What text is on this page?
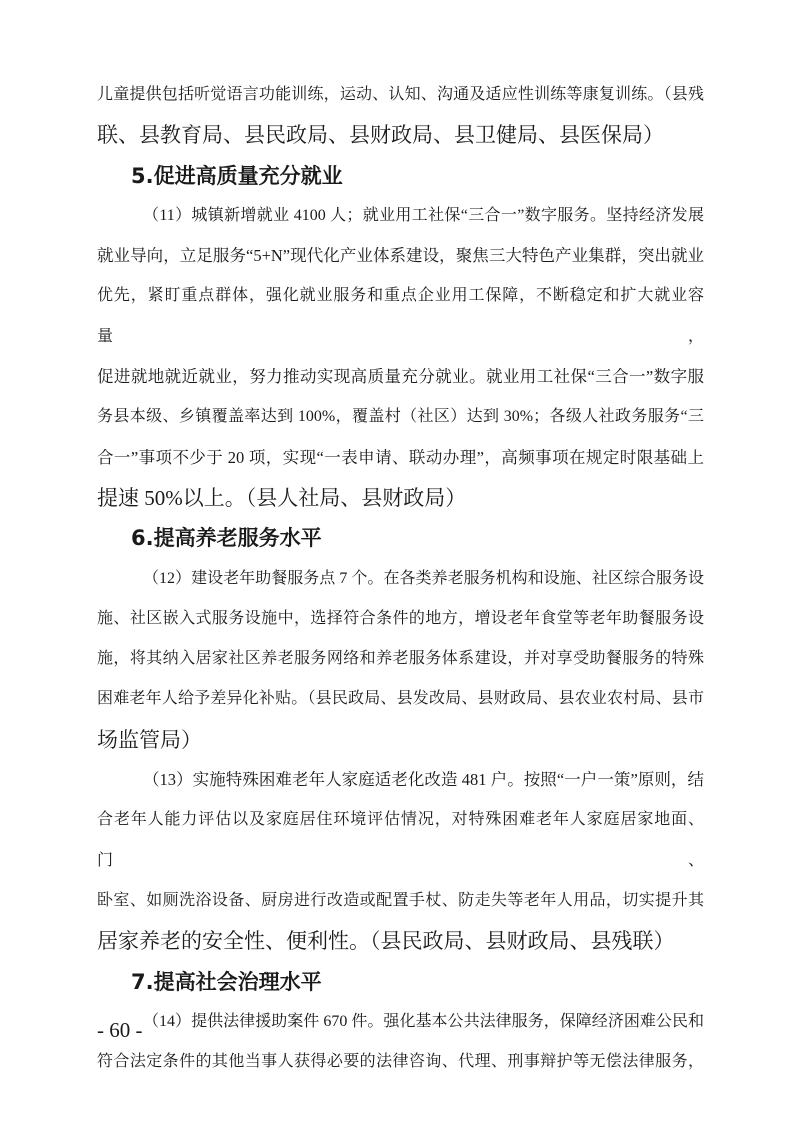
儿童提供包括听觉语言功能训练，运动、认知、沟通及适应性训练等康复训练。（县残
联、县教育局、县民政局、县财政局、县卫健局、县医保局）
5.促进高质量充分就业
（11）城镇新增就业 4100 人；就业用工社保“三合一”数字服务。坚持经济发展
就业导向，立足服务“5+N”现代化产业体系建设，聚焦三大特色产业集群，突出就业
优先，紧盯重点群体，强化就业服务和重点企业用工保障，不断稳定和扩大就业容量，
促进就地就近就业，努力推动实现高质量充分就业。就业用工社保“三合一”数字服
务县本级、乡镇覆盖率达到 100%，覆盖村（社区）达到 30%；各级人社政务服务“三
合一”事项不少于 20 项，实现“一表申请、联动办理”，高频事项在规定时限基础上
提速 50%以上。（县人社局、县财政局）
6.提高养老服务水平
（12）建设老年助餐服务点 7 个。在各类养老服务机构和设施、社区综合服务设
施、社区嵌入式服务设施中，选择符合条件的地方，增设老年食堂等老年助餐服务设
施，将其纳入居家社区养老服务网络和养老服务体系建设，并对享受助餐服务的特殊
困难老年人给予差异化补贴。（县民政局、县发改局、县财政局、县农业农村局、县市
场监管局）
（13）实施特殊困难老年人家庭适老化改造 481 户。按照“一户一策”原则，结
合老年人能力评估以及家庭居住环境评估情况，对特殊困难老年人家庭居家地面、门、
卧室、如厕洗浴设备、厨房进行改造或配置手杖、防走失等老年人用品，切实提升其
居家养老的安全性、便利性。（县民政局、县财政局、县残联）
7.提高社会治理水平
（14）提供法律援助案件 670 件。强化基本公共法律服务，保障经济困难公民和
符合法定条件的其他当事人获得必要的法律咨询、代理、刑事辩护等无偿法律服务，
- 60 -
